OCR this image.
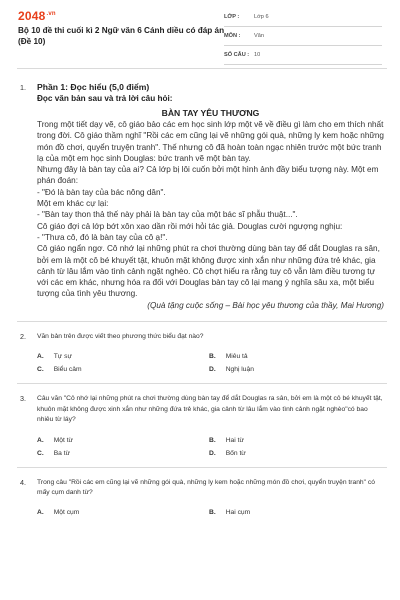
$2048^{.vn}$
Bộ 10 đề thi cuối kì 2 Ngữ văn 6 Cánh diều có đáp án (Đề 10)
LỚP :	Lớp 6
MÔN :	Văn
SỐ CÂU : 10
1. Phần 1: Đọc hiểu (5,0 điểm)
Đọc văn bản sau và trả lời câu hỏi:
BÀN TAY YÊU THƯƠNG

Trong một tiết dạy vẽ, cô giáo bảo các em học sinh lớp một vẽ về điều gì làm cho em thích nhất trong đời. Cô giáo thầm nghĩ "Rồi các em cũng lại vẽ những gói quà, những ly kem hoặc những món đồ chơi, quyển truyện tranh". Thế nhưng cô đã hoàn toàn ngạc nhiên trước một bức tranh lạ của một em học sinh Douglas: bức tranh vẽ một bàn tay.

Nhưng đây là bàn tay của ai? Cả lớp bị lôi cuốn bởi một hình ảnh đầy biểu tượng này. Một em phán đoán:

- "Đó là bàn tay của bác nông dân".

Một em khác cự lại:

- "Bàn tay thon thả thế này phải là bàn tay của một bác sĩ phẫu thuật...".

Cô giáo đợi cả lớp bớt xôn xao dần rồi mới hỏi tác giả. Douglas cười ngượng nghịu:

- "Thưa cô, đó là bàn tay của cô ạ!".

Cô giáo ngẩn ngơ. Cô nhớ lại những phút ra chơi thường dùng bàn tay để dắt Douglas ra sân, bởi em là một cô bé khuyết tật, khuôn mặt không được xinh xắn như những đứa trẻ khác, gia cảnh từ lâu lắm vào tình cảnh ngặt nghèo. Cô chợt hiểu ra rằng tuy cô vẫn làm điều tương tự với các em khác, nhưng hóa ra đối với Douglas bàn tay cô lại mang ý nghĩa sâu xa, một biểu tượng của tình yêu thương.

(Quà tặng cuộc sống – Bài học yêu thương của thầy, Mai Hương)

2. Văn bản trên được viết theo phương thức biểu đạt nào?
A. Tự sự	B. Miêu tả
C. Biểu cảm	D. Nghị luận
3. Câu văn "Cô nhớ lại những phút ra chơi thường dùng bàn tay để dắt Douglas ra sân, bởi em là một cô bé khuyết tật, khuôn mặt không được xinh xắn như những đứa trẻ khác, gia cảnh từ lâu lắm vào tình cảnh ngặt nghèo"có bao nhiêu từ láy?
A. Một từ	B. Hai từ
C. Ba từ	D. Bốn từ
4. Trong câu "Rồi các em cũng lại vẽ những gói quà, những ly kem hoặc những món đồ chơi, quyển truyện tranh" có mấy cụm danh từ?
A. Một cụm	B. Hai cụm
